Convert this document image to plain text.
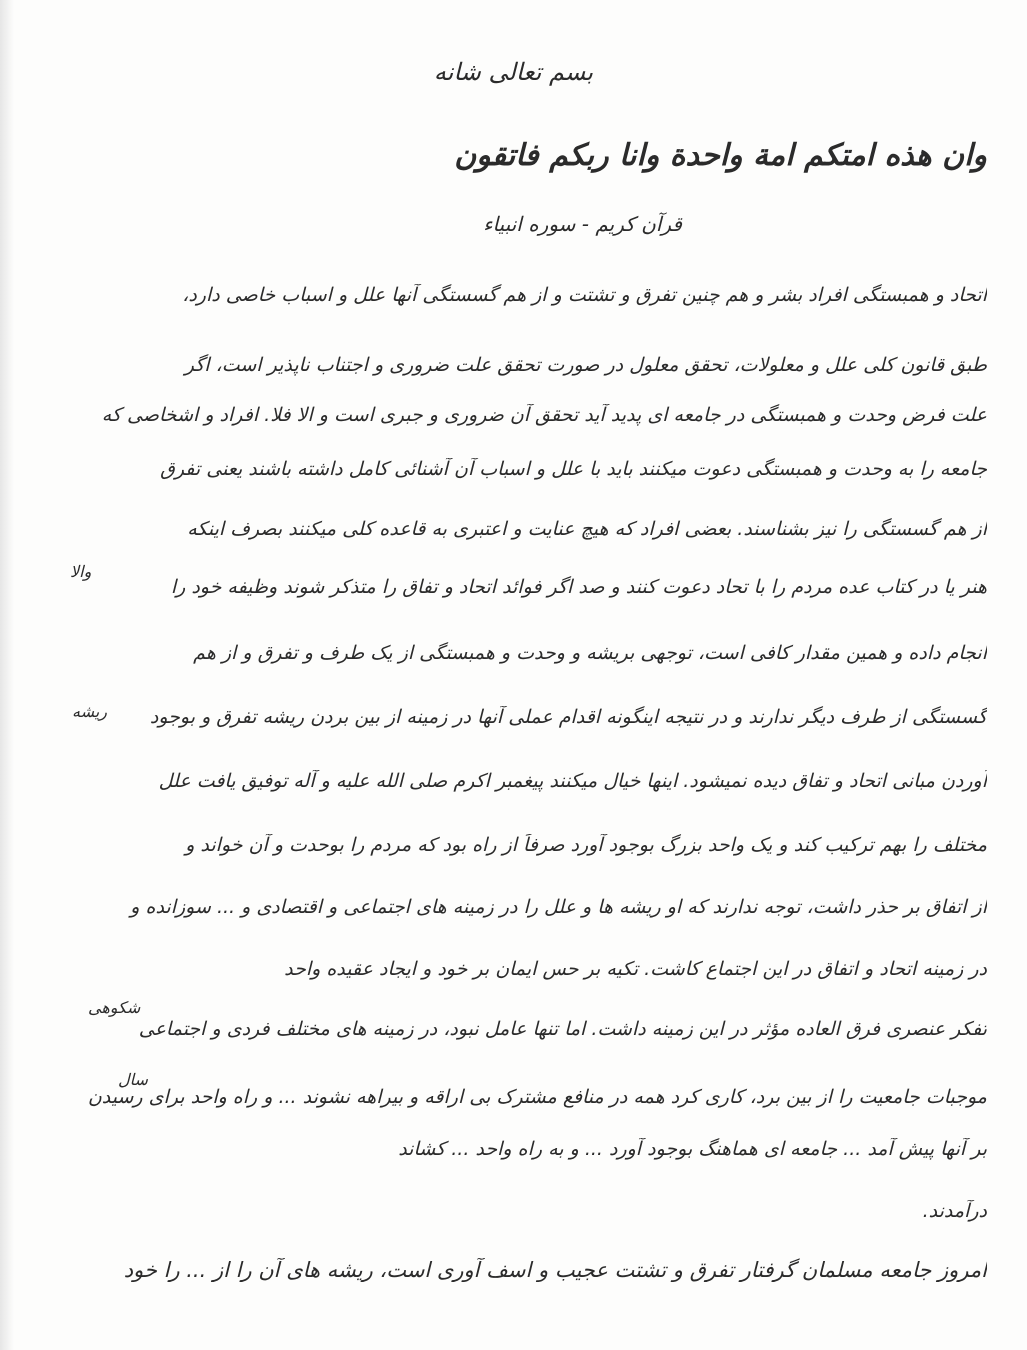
بسم تعالی شانه
وان هذه امتکم امة واحدة وانا ربکم فاتقون
قرآن کریم - سوره انبیاء
اتحاد و همبستگی افراد بشر و هم چنین تفرق و تشتت و از هم گسستگی آنها علل و اسباب خاصی دارد،
طبق قانون کلی علل و معلولات، تحقق معلول در صورت تحقق علت ضروری و اجتناب ناپذیر است، اگر
علت فرض وحدت و همبستگی در جامعه ای پدید آید تحقق آن ضروری و جبری است و الا فلا. افراد و اشخاصی که
جامعه را به وحدت و همبستگی دعوت میکنند باید با علل و اسباب آن آشنائی کامل داشته باشند یعنی تفرق
از هم گسستگی را نیز بشناسند. بعضی افراد که هیچ عنایت و اعتبری به قاعده کلی میکنند بصرف اینکه
هنر یا در کتاب عده مردم را با تحاد دعوت کنند و صد اگر فوائد اتحاد و تفاق را متذکر شوند وظیفه خود را
انجام داده و همین مقدار کافی است، توجهی بریشه و وحدت و همبستگی از یک طرف و تفرق و از هم
گسستگی از طرف دیگر ندارند و در نتیجه اینگونه اقدام عملی آنها در زمینه از بین بردن ریشه تفرق و بوجود
آوردن مبانی اتحاد و تفاق دیده نمیشود. اینها خیال میکنند پیغمبر اکرم صلی الله علیه و آله توفیق یافت علل
مختلف را بهم ترکیب کند و یک واحد بزرگ بوجود آورد صرفاً از راه بود که مردم را بوحدت و آن خواند و
از اتفاق بر حذر داشت، توجه ندارند که او ریشه ها و علل را در زمینه های اجتماعی و اقتصادی و ... سوزانده و
در زمینه اتحاد و اتفاق در این اجتماع کاشت. تکیه بر حس ایمان بر خود و ایجاد عقیده واحد
تفکر عنصری فرق العاده مؤثر در این زمینه داشت. اما تنها عامل نبود، در زمینه های مختلف فردی و اجتماعی
موجبات جامعیت را از بین برد، کاری کرد همه در منافع مشترک بی اراقه و بیراهه نشوند ... و راه واحد برای رسیدن
بر آنها پیش آمد ... جامعه ای هماهنگ بوجود آورد ... و به راه واحد ... کشاند
درآمدند.
امروز جامعه مسلمان گرفتار تفرق و تشتت عجیب و اسف آوری است، ریشه های آن را از ... را خود
والا
ریشه
شکوهی
سال
